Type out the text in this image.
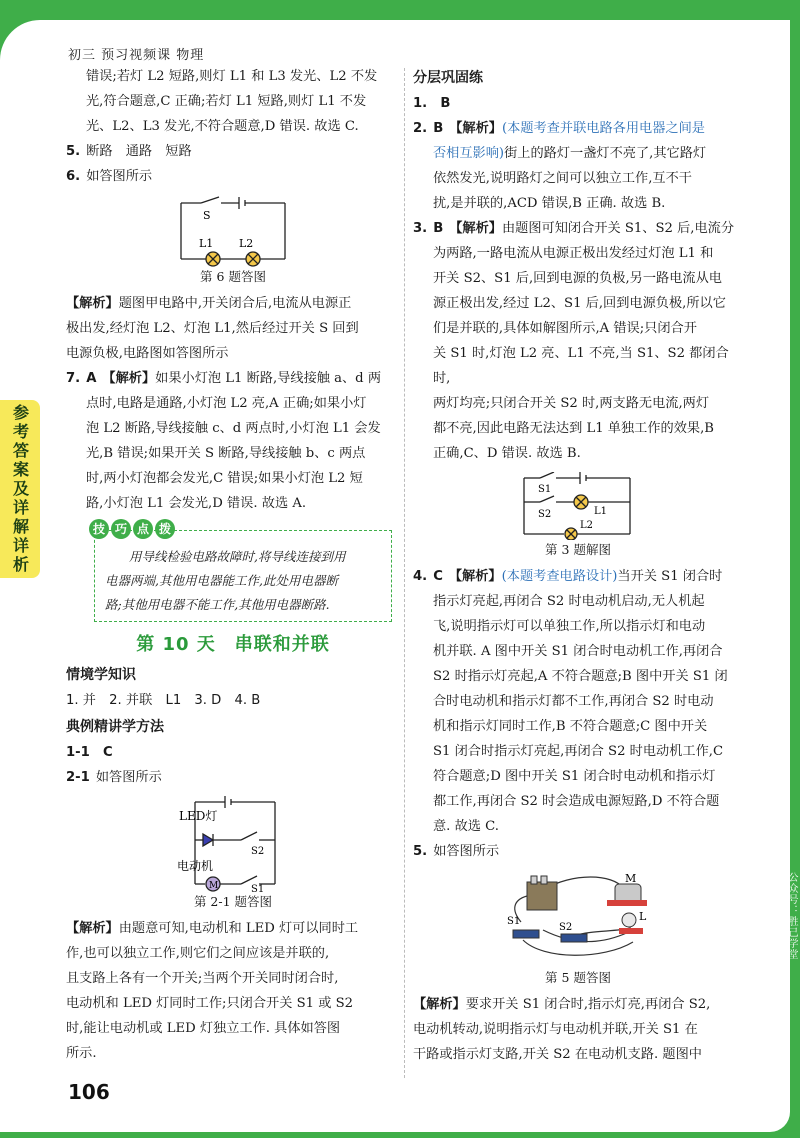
初三 预习视频课 物理
参考答案及详解详析
公众号：胜己学堂
106

错误;若灯 L2 短路,则灯 L1 和 L3 发光、L2 不发

光,符合题意,C 正确;若灯 L1 短路,则灯 L1 不发

光、L2、L3 发光,不符合题意,D 错误. 故选 C.

5. 断路　通路　短路

6. 如答图所示

S
L1 L2

第 6 题答图

【解析】题图甲电路中,开关闭合后,电流从电源正

极出发,经灯泡 L2、灯泡 L1,然后经过开关 S 回到

电源负极,电路图如答图所示

7. A 【解析】如果小灯泡 L1 断路,导线接触 a、d 两

点时,电路是通路,小灯泡 L2 亮,A 正确;如果小灯

泡 L2 断路,导线接触 c、d 两点时,小灯泡 L1 会发

光,B 错误;如果开关 S 断路,导线接触 b、c 两点

时,两小灯泡都会发光,C 错误;如果小灯泡 L2 短

路,小灯泡 L1 会发光,D 错误. 故选 A.

技 巧 点 拨

用导线检验电路故障时,将导线连接到用

电器两端,其他用电器能工作,此处用电器断

路;其他用电器不能工作,其他用电器断路.

第 10 天　串联和并联

情境学知识

1. 并　2. 并联　L1　3. D　4. B

典例精讲学方法

1-1　C

2-1 如答图所示

LED灯
电动机
M
S2
S1

第 2-1 题答图

【解析】由题意可知,电动机和 LED 灯可以同时工

作,也可以独立工作,则它们之间应该是并联的,

且支路上各有一个开关;当两个开关同时闭合时,

电动机和 LED 灯同时工作;只闭合开关 S1 或 S2

时,能让电动机或 LED 灯独立工作. 具体如答图

所示.

分层巩固练

1.　B

2. B 【解析】(本题考查并联电路各用电器之间是

否相互影响)街上的路灯一盏灯不亮了,其它路灯

依然发光,说明路灯之间可以独立工作,互不干

扰,是并联的,ACD 错误,B 正确. 故选 B.

3. B 【解析】由题图可知闭合开关 S1、S2 后,电流分

为两路,一路电流从电源正极出发经过灯泡 L1 和

开关 S2、S1 后,回到电源的负极,另一路电流从电

源正极出发,经过 L2、S1 后,回到电源负极,所以它

们是并联的,具体如解图所示,A 错误;只闭合开

关 S1 时,灯泡 L2 亮、L1 不亮,当 S1、S2 都闭合时,

两灯均亮;只闭合开关 S2 时,两支路无电流,两灯

都不亮,因此电路无法达到 L1 单独工作的效果,B

正确,C、D 错误. 故选 B.

S1
S2	L1
L2

第 3 题解图

4. C 【解析】(本题考查电路设计)当开关 S1 闭合时

指示灯亮起,再闭合 S2 时电动机启动,无人机起

飞,说明指示灯可以单独工作,所以指示灯和电动

机并联. A 图中开关 S1 闭合时电动机工作,再闭合

S2 时指示灯亮起,A 不符合题意;B 图中开关 S1 闭

合时电动机和指示灯都不工作,再闭合 S2 时电动

机和指示灯同时工作,B 不符合题意;C 图中开关

S1 闭合时指示灯亮起,再闭合 S2 时电动机工作,C

符合题意;D 图中开关 S1 闭合时电动机和指示灯

都工作,再闭合 S2 时会造成电源短路,D 不符合题

意. 故选 C.

5. 如答图所示

M
L
S1
S2

第 5 题答图

【解析】要求开关 S1 闭合时,指示灯亮,再闭合 S2,

电动机转动,说明指示灯与电动机并联,开关 S1 在

干路或指示灯支路,开关 S2 在电动机支路. 题图中
